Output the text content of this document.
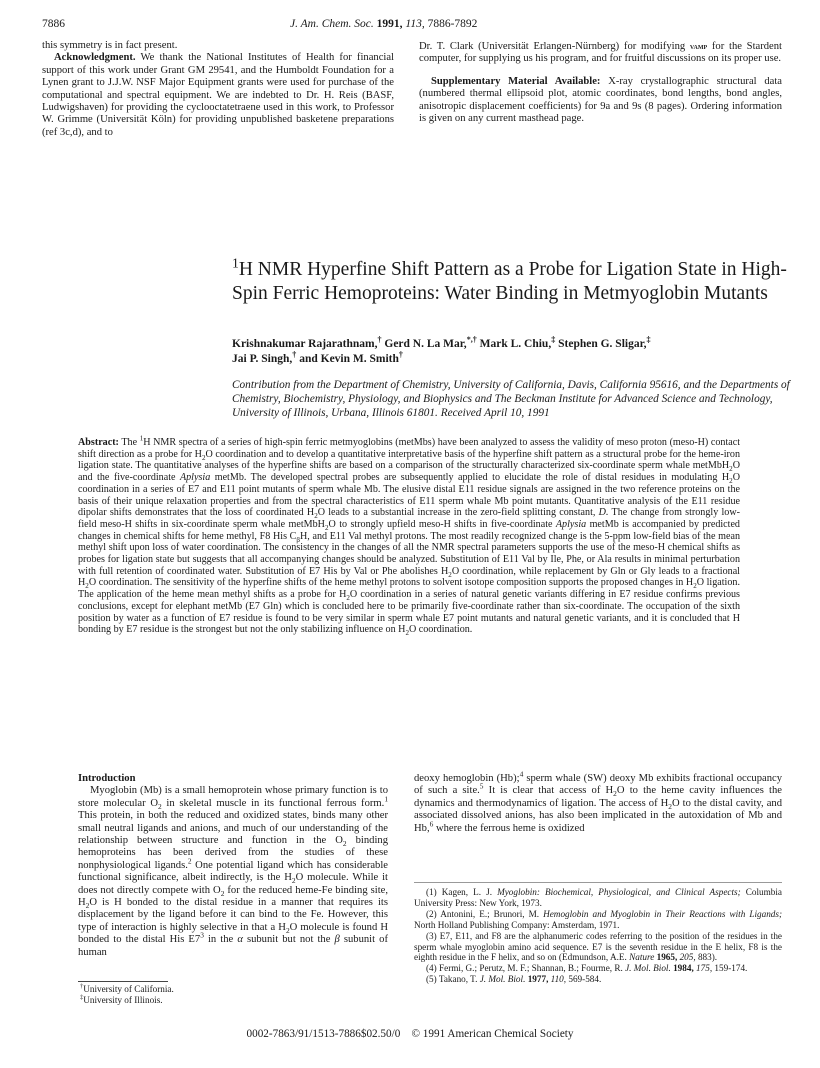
7886	J. Am. Chem. Soc. 1991, 113, 7886-7892

this symmetry is in fact present.

Acknowledgment. We thank the National Institutes of Health for financial support of this work under Grant GM 29541, and the Humboldt Foundation for a Lynen grant to J.J.W. NSF Major Equipment grants were used for purchase of the computational and spectral equipment. We are indebted to Dr. H. Reis (BASF, Ludwigshaven) for providing the cyclooctatetraene used in this work, to Professor W. Grimme (Universität Köln) for providing unpublished basketene preparations (ref 3c,d), and to

Dr. T. Clark (Universität Erlangen-Nürnberg) for modifying vamp for the Stardent computer, for supplying us his program, and for fruitful discussions on its proper use.

Supplementary Material Available: X-ray crystallographic structural data (numbered thermal ellipsoid plot, atomic coordinates, bond lengths, bond angles, anisotropic displacement coefficients) for 9a and 9s (8 pages). Ordering information is given on any current masthead page.

$^1$H NMR Hyperfine Shift Pattern as a Probe for Ligation State in High-Spin Ferric Hemoproteins: Water Binding in Metmyoglobin Mutants
Krishnakumar Rajarathnam,† Gerd N. La Mar,*,† Mark L. Chiu,‡ Stephen G. Sligar,‡
Jai P. Singh,† and Kevin M. Smith†
Contribution from the Department of Chemistry, University of California, Davis, California 95616, and the Departments of Chemistry, Biochemistry, Physiology, and Biophysics and The Beckman Institute for Advanced Science and Technology, University of Illinois, Urbana, Illinois 61801. Received April 10, 1991
Abstract: The $^1$H NMR spectra of a series of high-spin ferric metmyoglobins (metMbs) have been analyzed to assess the validity of meso proton (meso-H) contact shift direction as a probe for $H_2O$ coordination and to develop a quantitative interpretative basis of the hyperfine shift pattern as a structural probe for the heme-iron ligation state. The quantitative analyses of the hyperfine shifts are based on a comparison of the structurally characterized six-coordinate sperm whale metMbH$_2$O and the five-coordinate Aplysia metMb. The developed spectral probes are subsequently applied to elucidate the role of distal residues in modulating $H_2O$ coordination in a series of E7 and E11 point mutants of sperm whale Mb. The elusive distal E11 residue signals are assigned in the two reference proteins on the basis of their unique relaxation properties and from the spectral characteristics of E11 sperm whale Mb point mutants. Quantitative analysis of the E11 residue dipolar shifts demonstrates that the loss of coordinated $H_2O$ leads to a substantial increase in the zero-field splitting constant, D. The change from strongly low-field meso-H shifts in six-coordinate sperm whale metMbH$_2$O to strongly upfield meso-H shifts in five-coordinate Aplysia metMb is accompanied by predicted changes in chemical shifts for heme methyl, F8 His $C_\beta H$, and E11 Val methyl protons. The most readily recognized change is the 5-ppm low-field bias of the mean methyl shift upon loss of water coordination. The consistency in the changes of all the NMR spectral parameters supports the use of the meso-H chemical shifts as probes for ligation state but suggests that all accompanying changes should be analyzed. Substitution of E11 Val by Ile, Phe, or Ala results in minimal perturbation with full retention of coordinated water. Substitution of E7 His by Val or Phe abolishes $H_2O$ coordination, while replacement by Gln or Gly leads to a fractional $H_2O$ coordination. The sensitivity of the hyperfine shifts of the heme methyl protons to solvent isotope composition supports the proposed changes in $H_2O$ ligation. The application of the heme mean methyl shifts as a probe for $H_2O$ coordination in a series of natural genetic variants differing in E7 residue confirms previous conclusions, except for elephant metMb (E7 Gln) which is concluded here to be primarily five-coordinate rather than six-coordinate. The occupation of the sixth position by water as a function of E7 residue is found to be very similar in sperm whale E7 point mutants and natural genetic variants, and it is concluded that H bonding by E7 residue is the strongest but not the only stabilizing influence on $H_2O$ coordination.

Introduction

Myoglobin (Mb) is a small hemoprotein whose primary function is to store molecular $O_2$ in skeletal muscle in its functional ferrous form.$^1$ This protein, in both the reduced and oxidized states, binds many other small neutral ligands and anions, and much of our understanding of the relationship between structure and function in the $O_2$ binding hemoproteins has been derived from the studies of these nonphysiological ligands.$^2$ One potential ligand which has considerable functional significance, albeit indirectly, is the $H_2O$ molecule. While it does not directly compete with $O_2$ for the reduced heme-Fe binding site, $H_2O$ is H bonded to the distal residue in a manner that requires its displacement by the ligand before it can bind to the Fe. However, this type of interaction is highly selective in that a $H_2O$ molecule is found H bonded to the distal His $E7^3$ in the α subunit but not the β subunit of human

deoxy hemoglobin (Hb);$^4$ sperm whale (SW) deoxy Mb exhibits fractional occupancy of such a site.$^5$ It is clear that access of $H_2O$ to the heme cavity influences the dynamics and thermodynamics of ligation. The access of $H_2O$ to the distal cavity, and associated dissolved anions, has also been implicated in the autoxidation of Mb and Hb,$^6$ where the ferrous heme is oxidized

†University of California.
‡University of Illinois.
(1) Kagen, L. J. Myoglobin: Biochemical, Physiological, and Clinical Aspects; Columbia University Press: New York, 1973.
(2) Antonini, E.; Brunori, M. Hemoglobin and Myoglobin in Their Reactions with Ligands; North Holland Publishing Company: Amsterdam, 1971.
(3) E7, E11, and F8 are the alphanumeric codes referring to the position of the residues in the sperm whale myoglobin amino acid sequence. E7 is the seventh residue in the E helix, F8 is the eighth residue in the F helix, and so on (Edmundson, A.E. Nature 1965, 205, 883).
(4) Fermi, G.; Perutz, M. F.; Shannan, B.; Fourme, R. J. Mol. Biol. 1984, 175, 159-174.
(5) Takano, T. J. Mol. Biol. 1977, 110, 569-584.
0002-7863/91/1513-7886$02.50/0 © 1991 American Chemical Society
